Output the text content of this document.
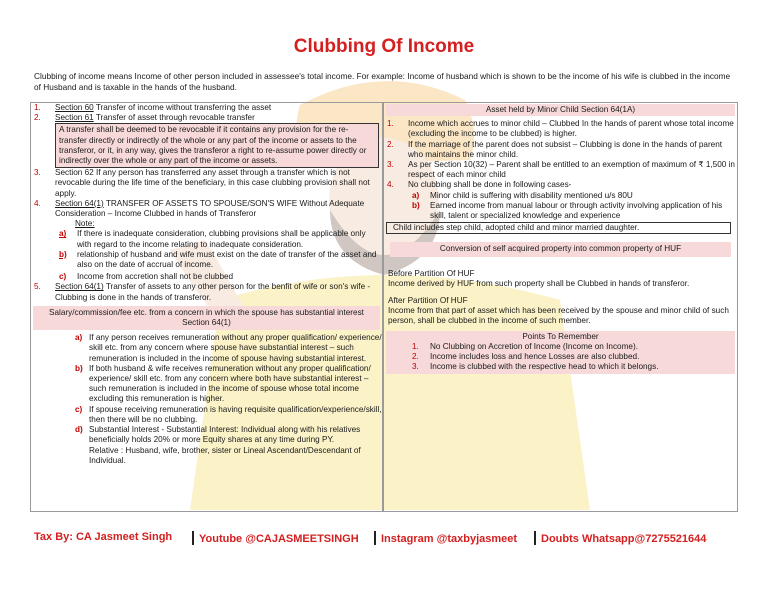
Clubbing Of Income
Clubbing of income means Income of other person included in assessee's total income. For example: Income of husband which is shown to be the income of his wife is clubbed in the income of Husband and is taxable in the hands of the husband.
1. Section 60 Transfer of income without transferring the asset
2. Section 61 Transfer of asset through revocable transfer
A transfer shall be deemed to be revocable if it contains any provision for the re-transfer directly or indirectly of the whole or any part of the income or assets to the transferor, or it, in any way, gives the transferor a right to re-assume power directly or indirectly over the whole or any part of the income or assets.
3. Section 62 If any person has transferred any asset through a transfer which is not revocable during the life time of the beneficiary, in this case clubbing provision shall not apply.
4. Section 64(1) TRANSFER OF ASSETS TO SPOUSE/SON'S WIFE Without Adequate Consideration – Income Clubbed in hands of Transferor
Note:
a) If there is inadequate consideration, clubbing provisions shall be applicable only with regard to the income relating to inadequate consideration.
b) relationship of husband and wife must exist on the date of transfer of the asset and also on the date of accrual of income.
c) Income from accretion shall not be clubbed
5. Section 64(1) Transfer of assets to any other person for the benfit of wife or son's wife - Clubbing is done in the hands of transferor.
Salary/commission/fee etc. from a concern in which the spouse has substantial interest Section 64(1)
a) If any person receives remuneration without any proper qualification/ experience/ skill etc. from any concern where spouse have substantial interest – such remuneration is included in the income of spouse having substantial interest.
b) If both husband & wife receives remuneration without any proper qualification/ experience/ skill etc. from any concern where both have substantial interest – such remuneration is included in the income of spouse whose total income excluding this remuneration is higher.
c) If spouse receiving remuneration is having requisite qualification/experience/skill, then there will be no clubbing.
d) Substantial Interest - Substantial Interest: Individual along with his relatives beneficially holds 20% or more Equity shares at any time during PY.
Relative : Husband, wife, brother, sister or Lineal Ascendant/Descendant of Individual.
Asset held by Minor Child Section 64(1A)
1. Income which accrues to minor child – Clubbed In the hands of parent whose total income (excluding the income to be clubbed) is higher.
2. If the marriage of the parent does not subsist – Clubbing is done in the hands of parent who maintains the minor child.
3. As per Section 10(32) – Parent shall be entitled to an exemption of maximum of ₹ 1,500 in respect of each minor child
4. No clubbing shall be done in following cases-
a) Minor child is suffering with disability mentioned u/s 80U
b) Earned income from manual labour or through activity involving application of his skill, talent or specialized knowledge and experience
Child includes step child, adopted child and minor married daughter.
Conversion of self acquired property into common property of HUF
Before Partition Of HUF
Income derived by HUF from such property shall be Clubbed in hands of transferor.
After Partition Of HUF
Income from that part of asset which has been received by the spouse and minor child of such person, shall be clubbed in the income of such member.
Points To Remember
1. No Clubbing on Accretion of Income (Income on Income).
2. Income includes loss and hence Losses are also clubbed.
3. Income is clubbed with the respective head to which it belongs.
Tax By: CA Jasmeet Singh	Youtube @CAJASMEETSINGH	Instagram @taxbyjasmeet	Doubts Whatsapp@7275521644
